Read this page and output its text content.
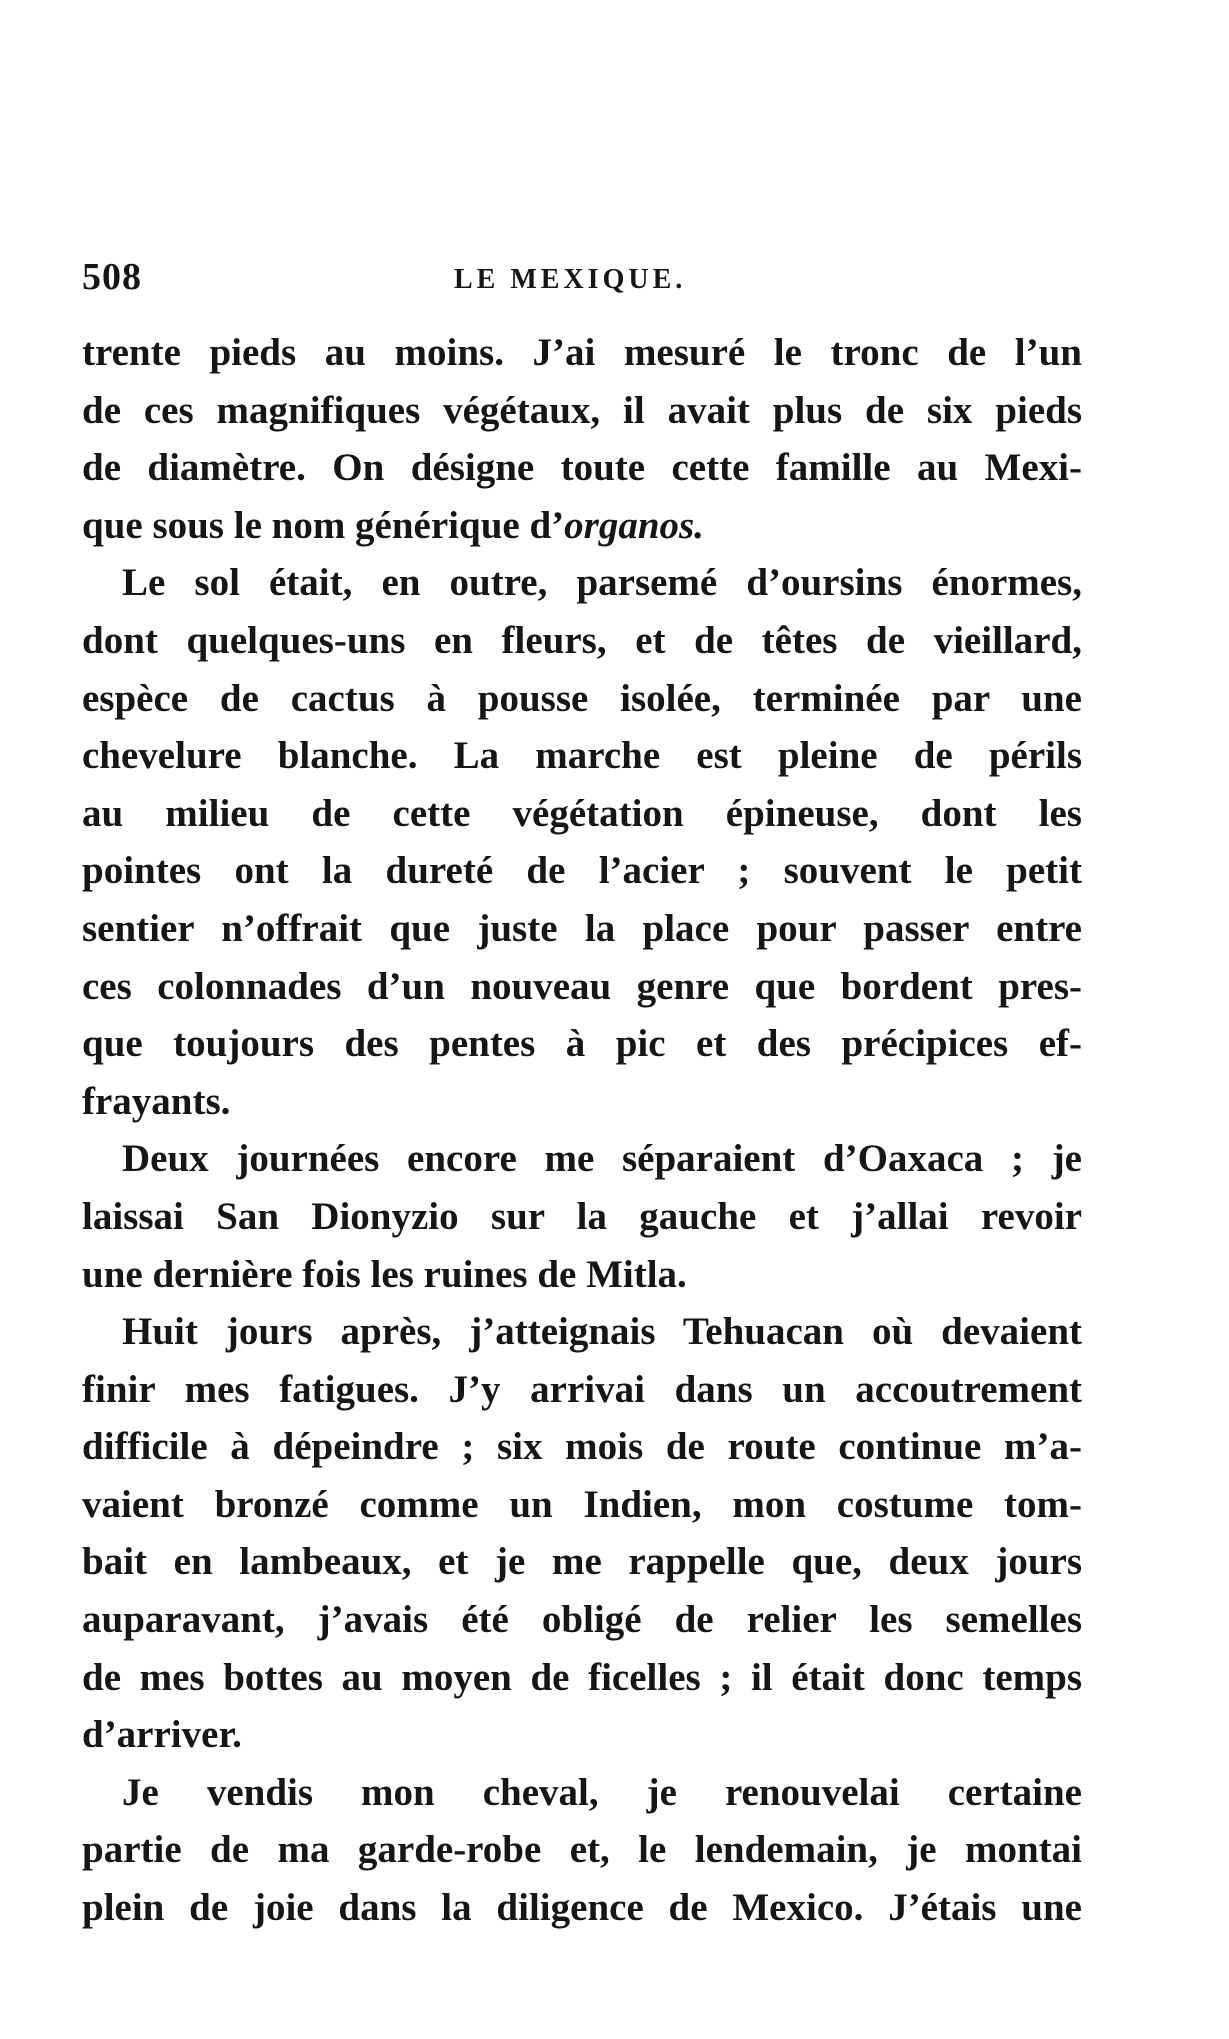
508	LE MEXIQUE.
trente pieds au moins. J’ai mesuré le tronc de l’un
de ces magnifiques végétaux, il avait plus de six pieds
de diamètre. On désigne toute cette famille au Mexi-
que sous le nom générique d’organos.
Le sol était, en outre, parsemé d’oursins énormes,
dont quelques-uns en fleurs, et de têtes de vieillard,
espèce de cactus à pousse isolée, terminée par une
chevelure blanche. La marche est pleine de périls
au milieu de cette végétation épineuse, dont les
pointes ont la dureté de l’acier ; souvent le petit
sentier n’offrait que juste la place pour passer entre
ces colonnades d’un nouveau genre que bordent pres-
que toujours des pentes à pic et des précipices ef-
frayants.
Deux journées encore me séparaient d’Oaxaca ; je
laissai San Dionyzio sur la gauche et j’allai revoir
une dernière fois les ruines de Mitla.
Huit jours après, j’atteignais Tehuacan où devaient
finir mes fatigues. J’y arrivai dans un accoutrement
difficile à dépeindre ; six mois de route continue m’a-
vaient bronzé comme un Indien, mon costume tom-
bait en lambeaux, et je me rappelle que, deux jours
auparavant, j’avais été obligé de relier les semelles
de mes bottes au moyen de ficelles ; il était donc temps
d’arriver.
Je vendis mon cheval, je renouvelai certaine
partie de ma garde-robe et, le lendemain, je montai
plein de joie dans la diligence de Mexico. J’étais une
